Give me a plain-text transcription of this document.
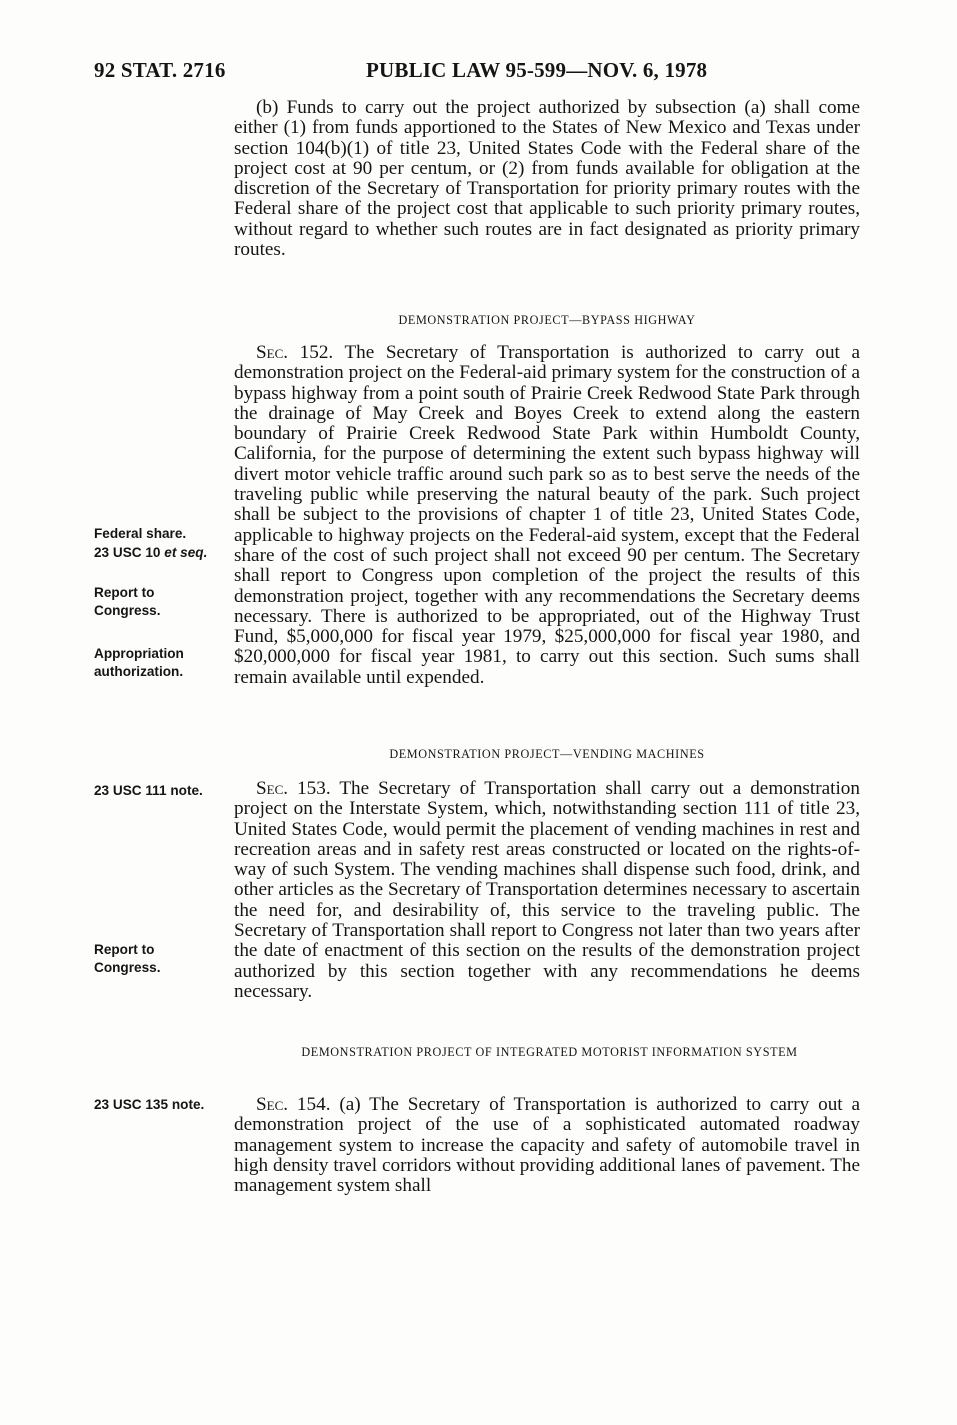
92 STAT. 2716	PUBLIC LAW 95-599—NOV. 6, 1978

(b) Funds to carry out the project authorized by subsection (a) shall come either (1) from funds apportioned to the States of New Mexico and Texas under section 104(b)(1) of title 23, United States Code with the Federal share of the project cost at 90 per centum, or (2) from funds available for obligation at the discretion of the Secretary of Transportation for priority primary routes with the Federal share of the project cost that applicable to such priority primary routes, without regard to whether such routes are in fact designated as priority primary routes.

DEMONSTRATION PROJECT—BYPASS HIGHWAY

Sec. 152. The Secretary of Transportation is authorized to carry out a demonstration project on the Federal-aid primary system for the construction of a bypass highway from a point south of Prairie Creek Redwood State Park through the drainage of May Creek and Boyes Creek to extend along the eastern boundary of Prairie Creek Redwood State Park within Humboldt County, California, for the purpose of determining the extent such bypass highway will divert motor vehicle traffic around such park so as to best serve the needs of the traveling public while preserving the natural beauty of the park. Such project shall be subject to the provisions of chapter 1 of title 23, United States Code, applicable to highway projects on the Federal-aid system, except that the Federal share of the cost of such project shall not exceed 90 per centum. The Secretary shall report to Congress upon completion of the project the results of this demonstration project, together with any recommendations the Secretary deems necessary. There is authorized to be appropriated, out of the Highway Trust Fund, $5,000,000 for fiscal year 1979, $25,000,000 for fiscal year 1980, and $20,000,000 for fiscal year 1981, to carry out this section. Such sums shall remain available until expended.

DEMONSTRATION PROJECT—VENDING MACHINES

Sec. 153. The Secretary of Transportation shall carry out a demonstration project on the Interstate System, which, notwithstanding section 111 of title 23, United States Code, would permit the placement of vending machines in rest and recreation areas and in safety rest areas constructed or located on the rights-of-way of such System. The vending machines shall dispense such food, drink, and other articles as the Secretary of Transportation determines necessary to ascertain the need for, and desirability of, this service to the traveling public. The Secretary of Transportation shall report to Congress not later than two years after the date of enactment of this section on the results of the demonstration project authorized by this section together with any recommendations he deems necessary.

DEMONSTRATION PROJECT OF INTEGRATED MOTORIST INFORMATION SYSTEM

Sec. 154. (a) The Secretary of Transportation is authorized to carry out a demonstration project of the use of a sophisticated automated roadway management system to increase the capacity and safety of automobile travel in high density travel corridors without providing additional lanes of pavement. The management system shall

Federal share.
23 USC 10 et seq.
Report to Congress.
Appropriation authorization.
23 USC 111 note.
Report to Congress.
23 USC 135 note.
